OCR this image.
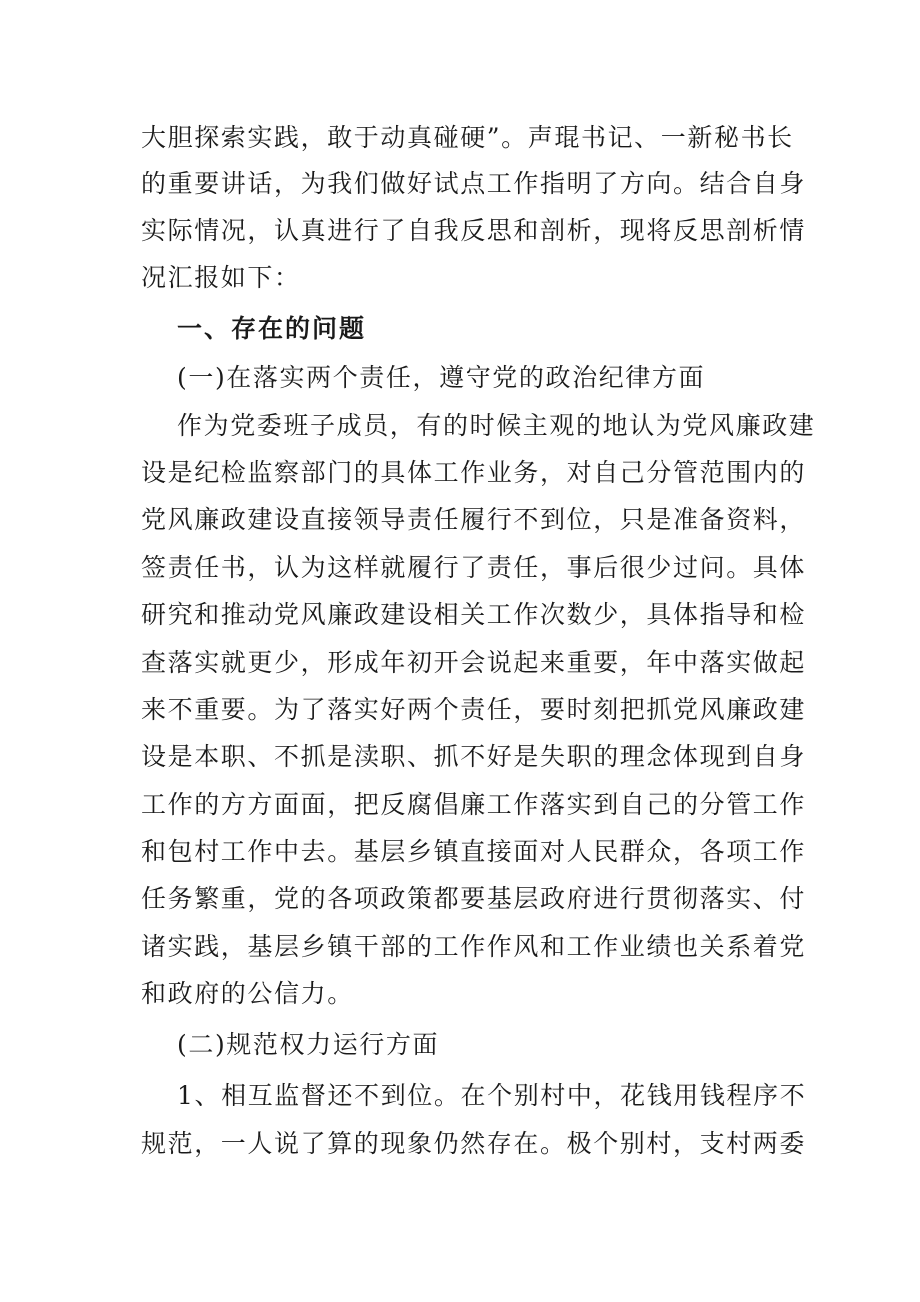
大胆探索实践，敢于动真碰硬”。声琨书记、一新秘书长
的重要讲话，为我们做好试点工作指明了方向。结合自身
实际情况，认真进行了自我反思和剖析，现将反思剖析情
况汇报如下：
一、存在的问题
(一)在落实两个责任，遵守党的政治纪律方面
作为党委班子成员，有的时候主观的地认为党风廉政建
设是纪检监察部门的具体工作业务，对自己分管范围内的
党风廉政建设直接领导责任履行不到位，只是准备资料，
签责任书，认为这样就履行了责任，事后很少过问。具体
研究和推动党风廉政建设相关工作次数少，具体指导和检
查落实就更少，形成年初开会说起来重要，年中落实做起
来不重要。为了落实好两个责任，要时刻把抓党风廉政建
设是本职、不抓是渎职、抓不好是失职的理念体现到自身
工作的方方面面，把反腐倡廉工作落实到自己的分管工作
和包村工作中去。基层乡镇直接面对人民群众，各项工作
任务繁重，党的各项政策都要基层政府进行贯彻落实、付
诸实践，基层乡镇干部的工作作风和工作业绩也关系着党
和政府的公信力。
(二)规范权力运行方面
1、相互监督还不到位。在个别村中，花钱用钱程序不
规范，一人说了算的现象仍然存在。极个别村，支村两委
